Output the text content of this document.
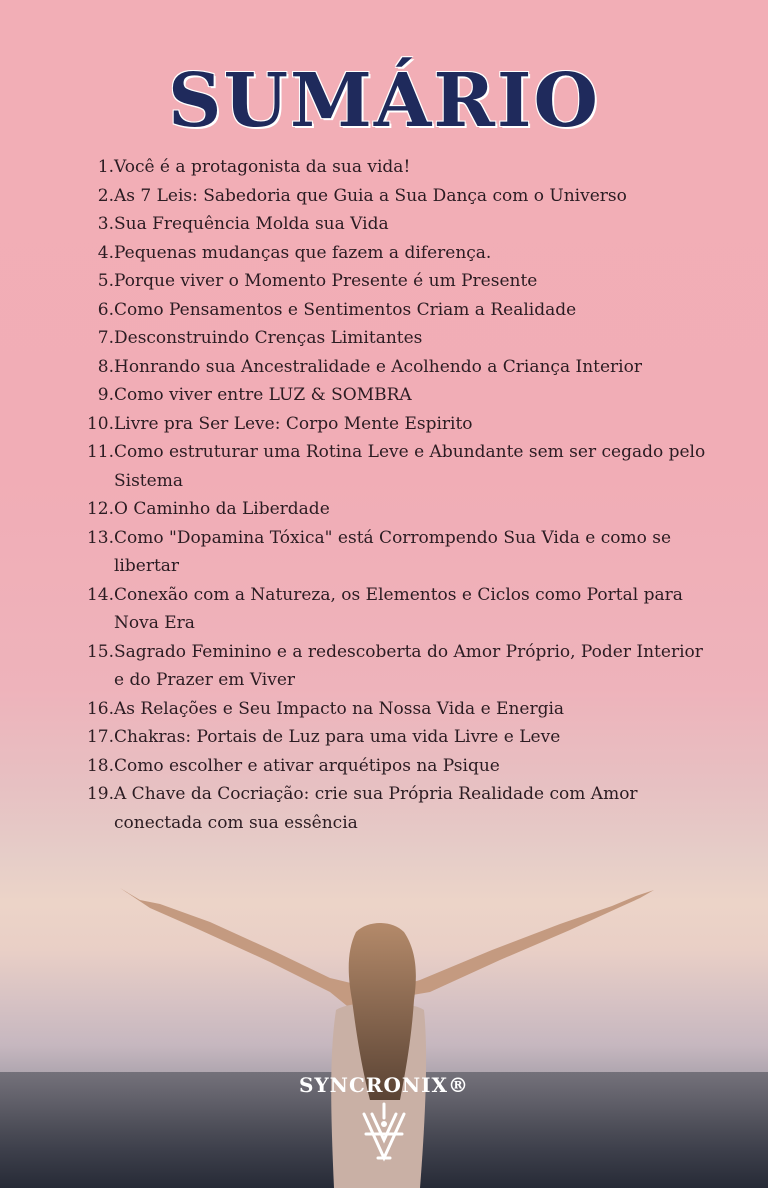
SUMÁRIO
1. Você é a protagonista da sua vida!
2. As 7 Leis: Sabedoria que Guia a Sua Dança com o Universo
3. Sua Frequência Molda sua Vida
4. Pequenas mudanças que fazem a diferença.
5. Porque viver o Momento Presente é um Presente
6. Como Pensamentos e Sentimentos Criam a Realidade
7. Desconstruindo Crenças Limitantes
8. Honrando sua Ancestralidade e Acolhendo a Criança Interior
9. Como viver entre LUZ & SOMBRA
10. Livre pra Ser Leve: Corpo Mente Espirito
11. Como estruturar uma Rotina Leve e Abundante sem ser cegado pelo Sistema
12. O Caminho da Liberdade
13. Como "Dopamina Tóxica" está Corrompendo Sua Vida e como se libertar
14. Conexão com a Natureza, os Elementos e Ciclos como Portal para Nova Era
15. Sagrado Feminino e a redescoberta do Amor Próprio, Poder Interior e do Prazer em Viver
16. As Relações e Seu Impacto na Nossa Vida e Energia
17. Chakras: Portais de Luz para uma vida Livre e Leve
18. Como escolher e ativar arquétipos na Psique
19. A Chave da Cocriação: crie sua Própria Realidade com Amor conectada com sua essência
SYNCRONIX®
